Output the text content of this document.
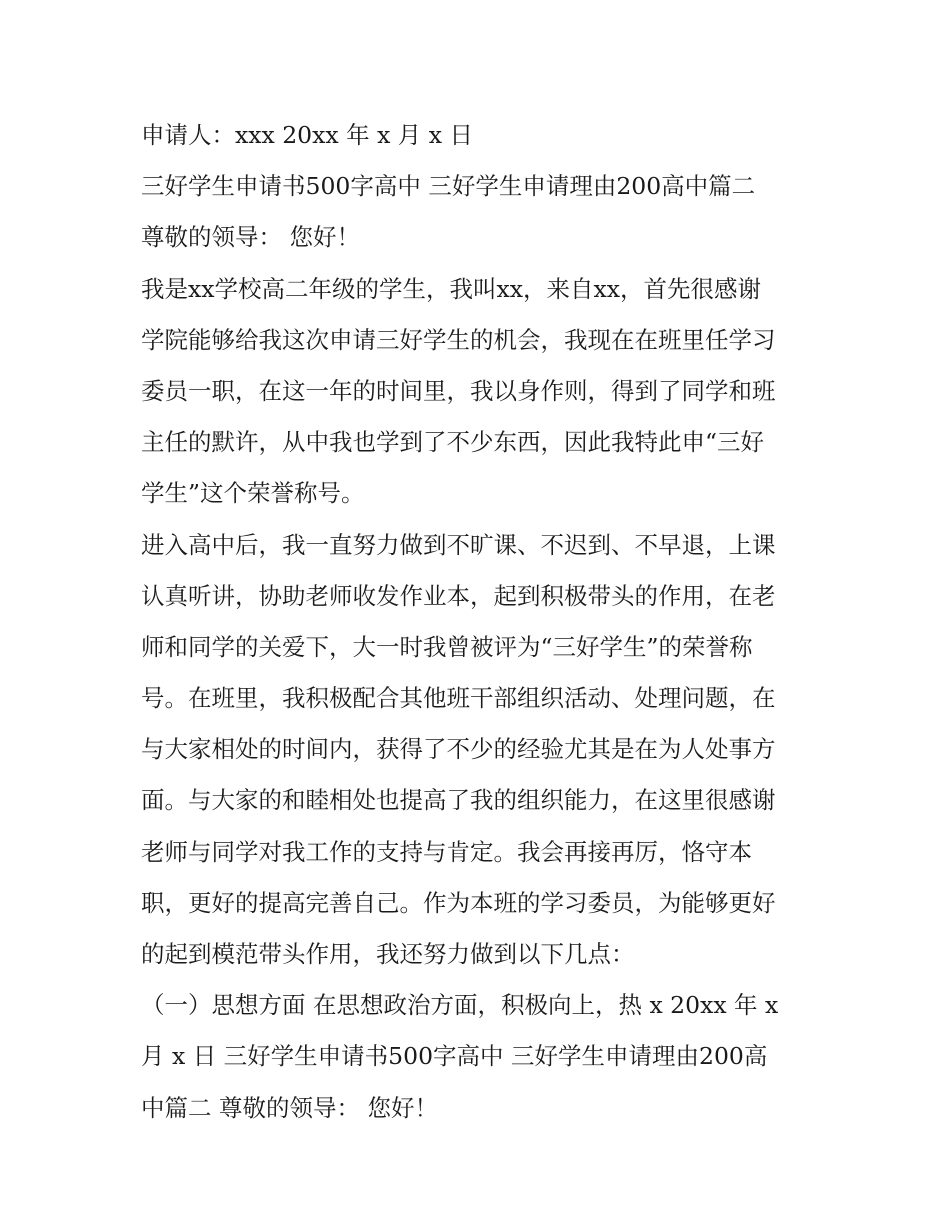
申请人：xxx 20xx 年 x 月 x 日
三好学生申请书500字高中 三好学生申请理由200高中篇二
尊敬的领导： 您好！
我是xx学校高二年级的学生，我叫xx，来自xx，首先很感谢
学院能够给我这次申请三好学生的机会，我现在在班里任学习
委员一职，在这一年的时间里，我以身作则，得到了同学和班
主任的默许，从中我也学到了不少东西，因此我特此申“三好
学生”这个荣誉称号。
进入高中后，我一直努力做到不旷课、不迟到、不早退，上课
认真听讲，协助老师收发作业本，起到积极带头的作用，在老
师和同学的关爱下，大一时我曾被评为“三好学生”的荣誉称
号。在班里，我积极配合其他班干部组织活动、处理问题，在
与大家相处的时间内，获得了不少的经验尤其是在为人处事方
面。与大家的和睦相处也提高了我的组织能力，在这里很感谢
老师与同学对我工作的支持与肯定。我会再接再厉，恪守本
职，更好的提高完善自己。作为本班的学习委员，为能够更好
的起到模范带头作用，我还努力做到以下几点：
（一）思想方面 在思想政治方面，积极向上，热 x 20xx 年 x
月 x 日 三好学生申请书500字高中 三好学生申请理由200高
中篇二 尊敬的领导： 您好！
